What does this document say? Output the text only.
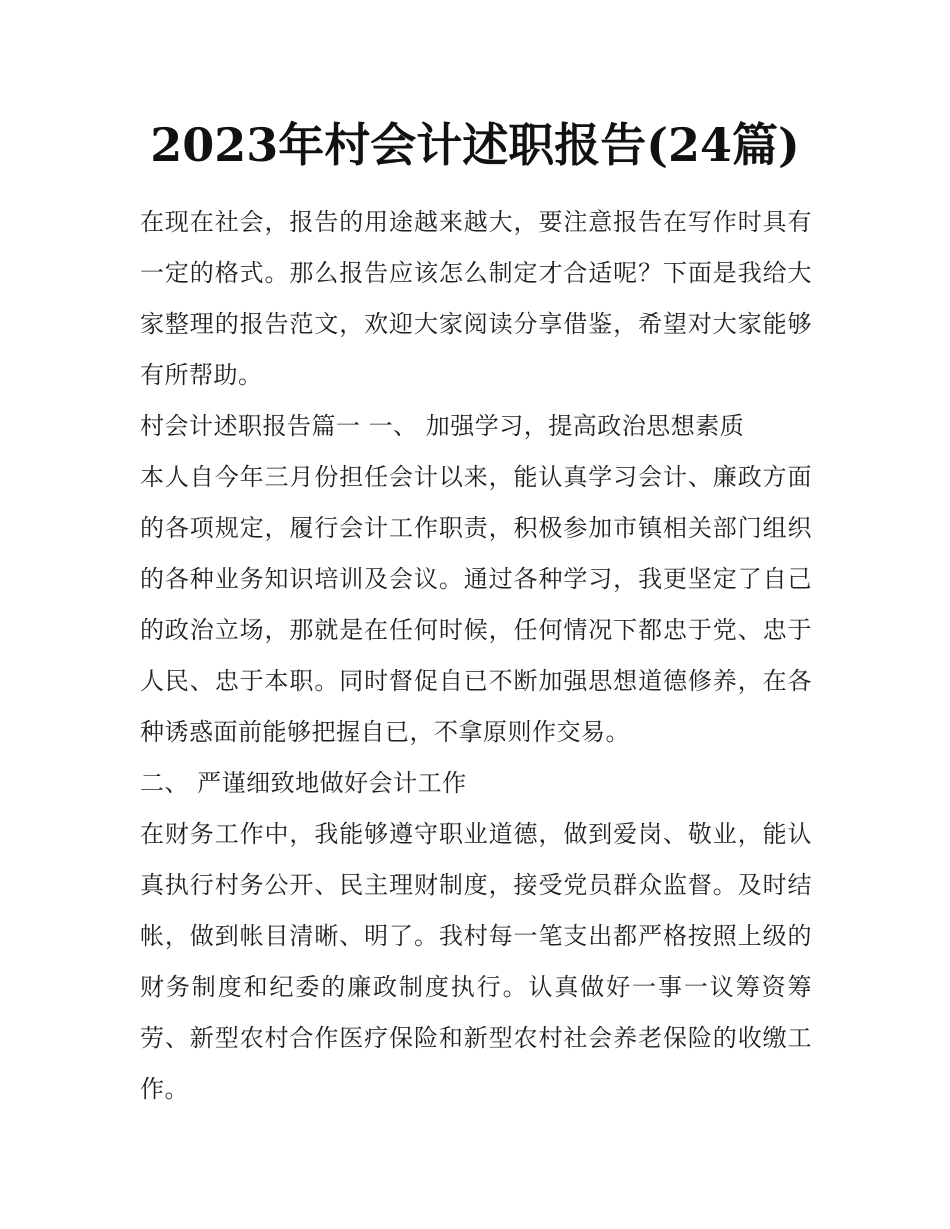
2023年村会计述职报告(24篇)

在现在社会，报告的用途越来越大，要注意报告在写作时具有一定的格式。那么报告应该怎么制定才合适呢？下面是我给大家整理的报告范文，欢迎大家阅读分享借鉴，希望对大家能够有所帮助。

村会计述职报告篇一 一、 加强学习，提高政治思想素质

本人自今年三月份担任会计以来，能认真学习会计、廉政方面的各项规定，履行会计工作职责，积极参加市镇相关部门组织的各种业务知识培训及会议。通过各种学习，我更坚定了自己的政治立场，那就是在任何时候，任何情况下都忠于党、忠于人民、忠于本职。同时督促自已不断加强思想道德修养，在各种诱惑面前能够把握自已，不拿原则作交易。

二、 严谨细致地做好会计工作

在财务工作中，我能够遵守职业道德，做到爱岗、敬业，能认真执行村务公开、民主理财制度，接受党员群众监督。及时结帐，做到帐目清晰、明了。我村每一笔支出都严格按照上级的财务制度和纪委的廉政制度执行。认真做好一事一议筹资筹劳、新型农村合作医疗保险和新型农村社会养老保险的收缴工作。
